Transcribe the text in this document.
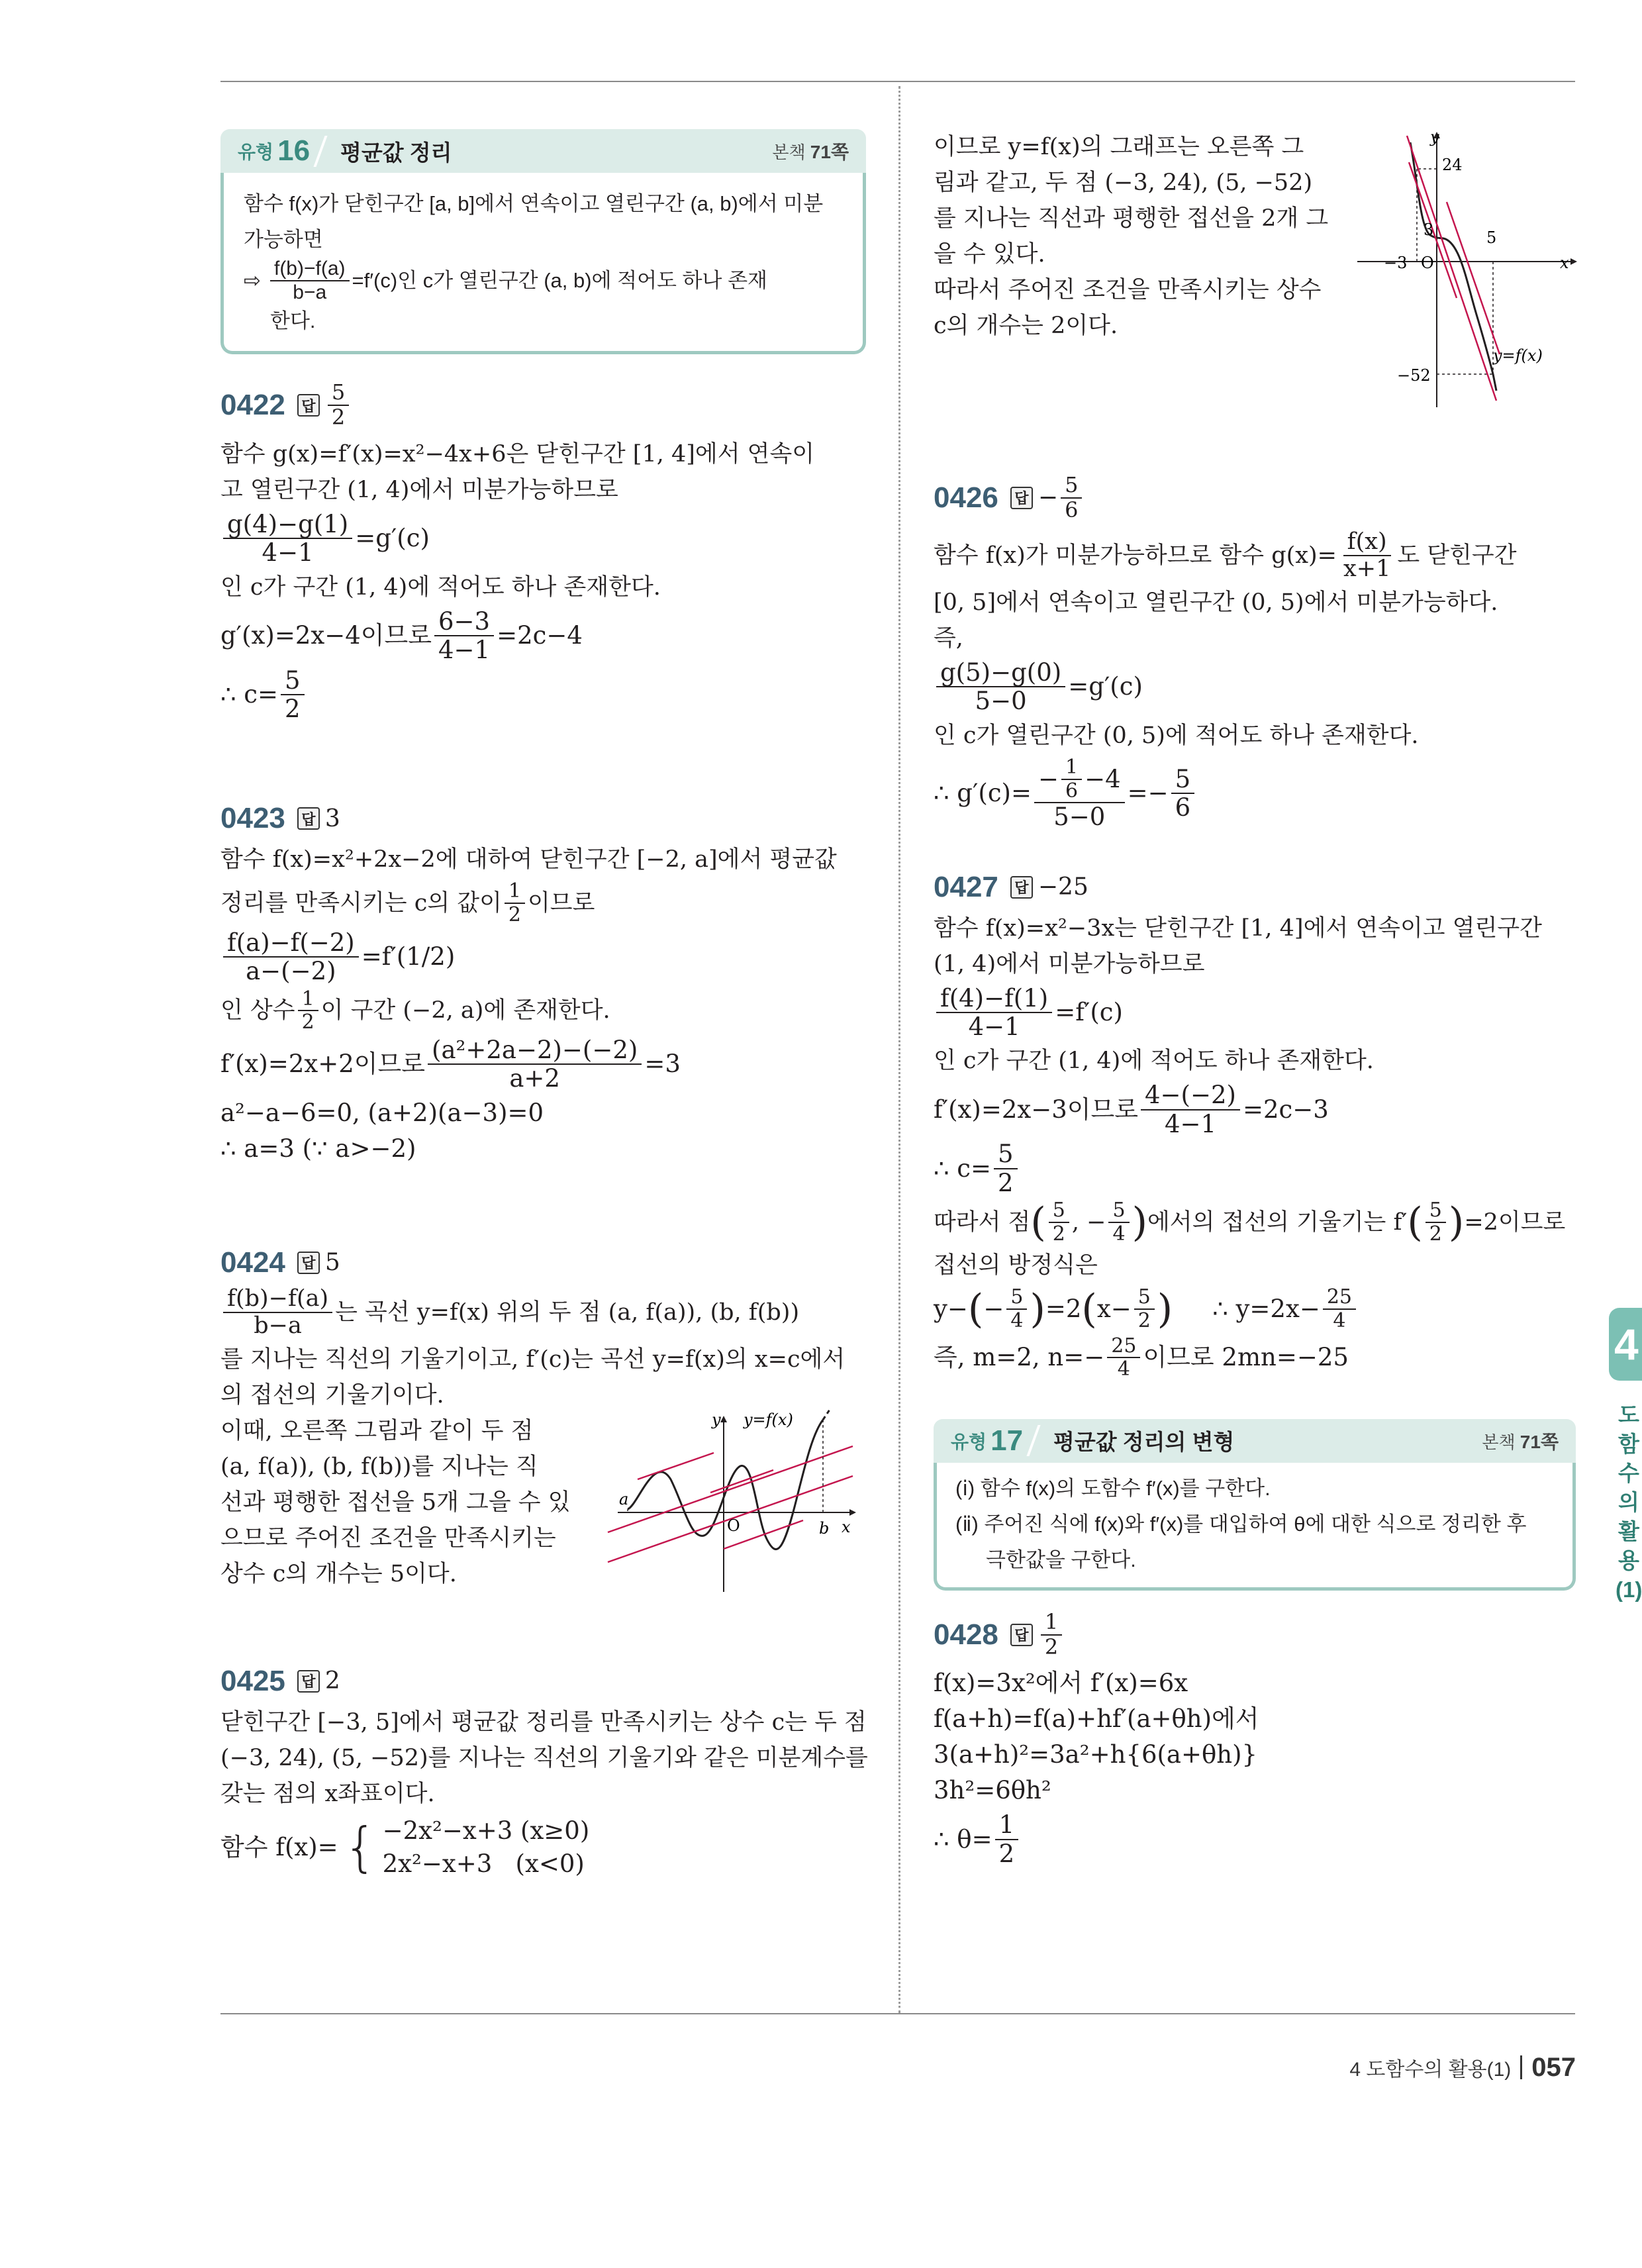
유형 16	평균값 정리	본책 71쪽
함수 f(x)가 닫힌구간 [a, b]에서 연속이고 열린구간 (a, b)에서 미분
가능하면
⇨ $\frac{f(b)-f(a)}{b-a} =f'(c)$인 c가 열린구간 (a, b)에 적어도 하나 존재
한다.
0422 답 $\frac{5}{2}$
함수 g(x)=f′(x)=x²−4x+6은 닫힌구간 [1, 4]에서 연속이
고 열린구간 (1, 4)에서 미분가능하므로
$\frac{g(4)-g(1)}{4-1} =g'(c)$
인 c가 구간 (1, 4)에 적어도 하나 존재한다.
g′(x)=2x−4이므로 $\frac{6-3}{4-1} =2c-4$
∴ $c= \frac{5}{2}$
0423 답 3
함수 f(x)=x²+2x−2에 대하여 닫힌구간 [−2, a]에서 평균값
정리를 만족시키는 c의 값이 $\frac{1}{2}$ 이므로
$\frac{f(a)-f(-2)}{a-(-2)} =f'(1/2)$
인 상수 $\frac{1}{2}$ 이 구간 (−2, a)에 존재한다.
f′(x)=2x+2이므로 $\frac{\text{(a²+2a−2)−(−2)}}{a+2} =3$
a²−a−6=0, (a+2)(a−3)=0
∴ a=3 (∵ a>−2)
0424 답 5
$\frac{f(b)-f(a)}{b-a}$ 는 곡선 y=f(x) 위의 두 점 (a, f(a)), (b, f(b))
를 지나는 직선의 기울기이고, f′(c)는 곡선 y=f(x)의 x=c에서
의 접선의 기울기이다.
이때, 오른쪽 그림과 같이 두 점
(a, f(a)), (b, f(b))를 지나는 직
선과 평행한 접선을 5개 그을 수 있
으므로 주어진 조건을 만족시키는
상수 c의 개수는 5이다.
y y=f(x)
a
b
O	x
0425 답 2
닫힌구간 [−3, 5]에서 평균값 정리를 만족시키는 상수 c는 두 점
(−3, 24), (5, −52)를 지나는 직선의 기울기와 같은 미분계수를
갖는 점의 x좌표이다.
함수 f(x)= { −2x²−x+3 (x≥0)
2x²−x+3   (x<0)
이므로 y=f(x)의 그래프는 오른쪽 그
림과 같고, 두 점 (−3, 24), (5, −52)
를 지나는 직선과 평행한 접선을 2개 그
을 수 있다.
따라서 주어진 조건을 만족시키는 상수
c의 개수는 2이다.
y
24
3	5
−3 O	x
−52
y=f(x)
0426 답 − $\frac{5}{6}$
함수 f(x)가 미분가능하므로 함수 $g(x)= \frac{f(x)}{x+1}$ 도 닫힌구간
[0, 5]에서 연속이고 열린구간 (0, 5)에서 미분가능하다.
즉,
$\frac{g(5)-g(0)}{5-0} =g'(c)$
인 c가 열린구간 (0, 5)에 적어도 하나 존재한다.
∴ $g'(c)= \frac{- \frac{1}{6} -4}{5-0} =- \frac{5}{6}$
0427 답 −25
함수 f(x)=x²−3x는 닫힌구간 [1, 4]에서 연속이고 열린구간
(1, 4)에서 미분가능하므로
$\frac{f(4)-f(1)}{4-1} =f'(c)$
인 c가 구간 (1, 4)에 적어도 하나 존재한다.
f′(x)=2x−3이므로 $\frac{4-(-2)}{4-1} =2c-3$
∴ $c= \frac{5}{2}$
따라서 점 ( $\frac{5}{2}$ , − $\frac{5}{4}$ ) 에서의 접선의 기울기는 f′ ( $\frac{5}{2}$ ) =2이므로
접선의 방정식은
y− ( − $\frac{5}{4}$ ) =2 ( $x- \frac{5}{2}$ ) ∴ $y=2x- \frac{25}{4}$
즉, m=2, $n=- \frac{25}{4}$ 이므로 2mn=−25
유형 17	평균값 정리의 변형	본책 71쪽
(ⅰ) 함수 f(x)의 도함수 f′(x)를 구한다.
(ⅱ) 주어진 식에 f(x)와 f′(x)를 대입하여 θ에 대한 식으로 정리한 후
극한값을 구한다.
0428 답 $\frac{1}{2}$
f(x)=3x²에서 f′(x)=6x
f(a+h)=f(a)+hf′(a+θh)에서
3(a+h)²=3a²+h{6(a+θh)}
3h²=6θh²
∴ $\theta= \frac{1}{2}$
4
도함수의 활용(1)
4 도함수의 활용(1) 057
